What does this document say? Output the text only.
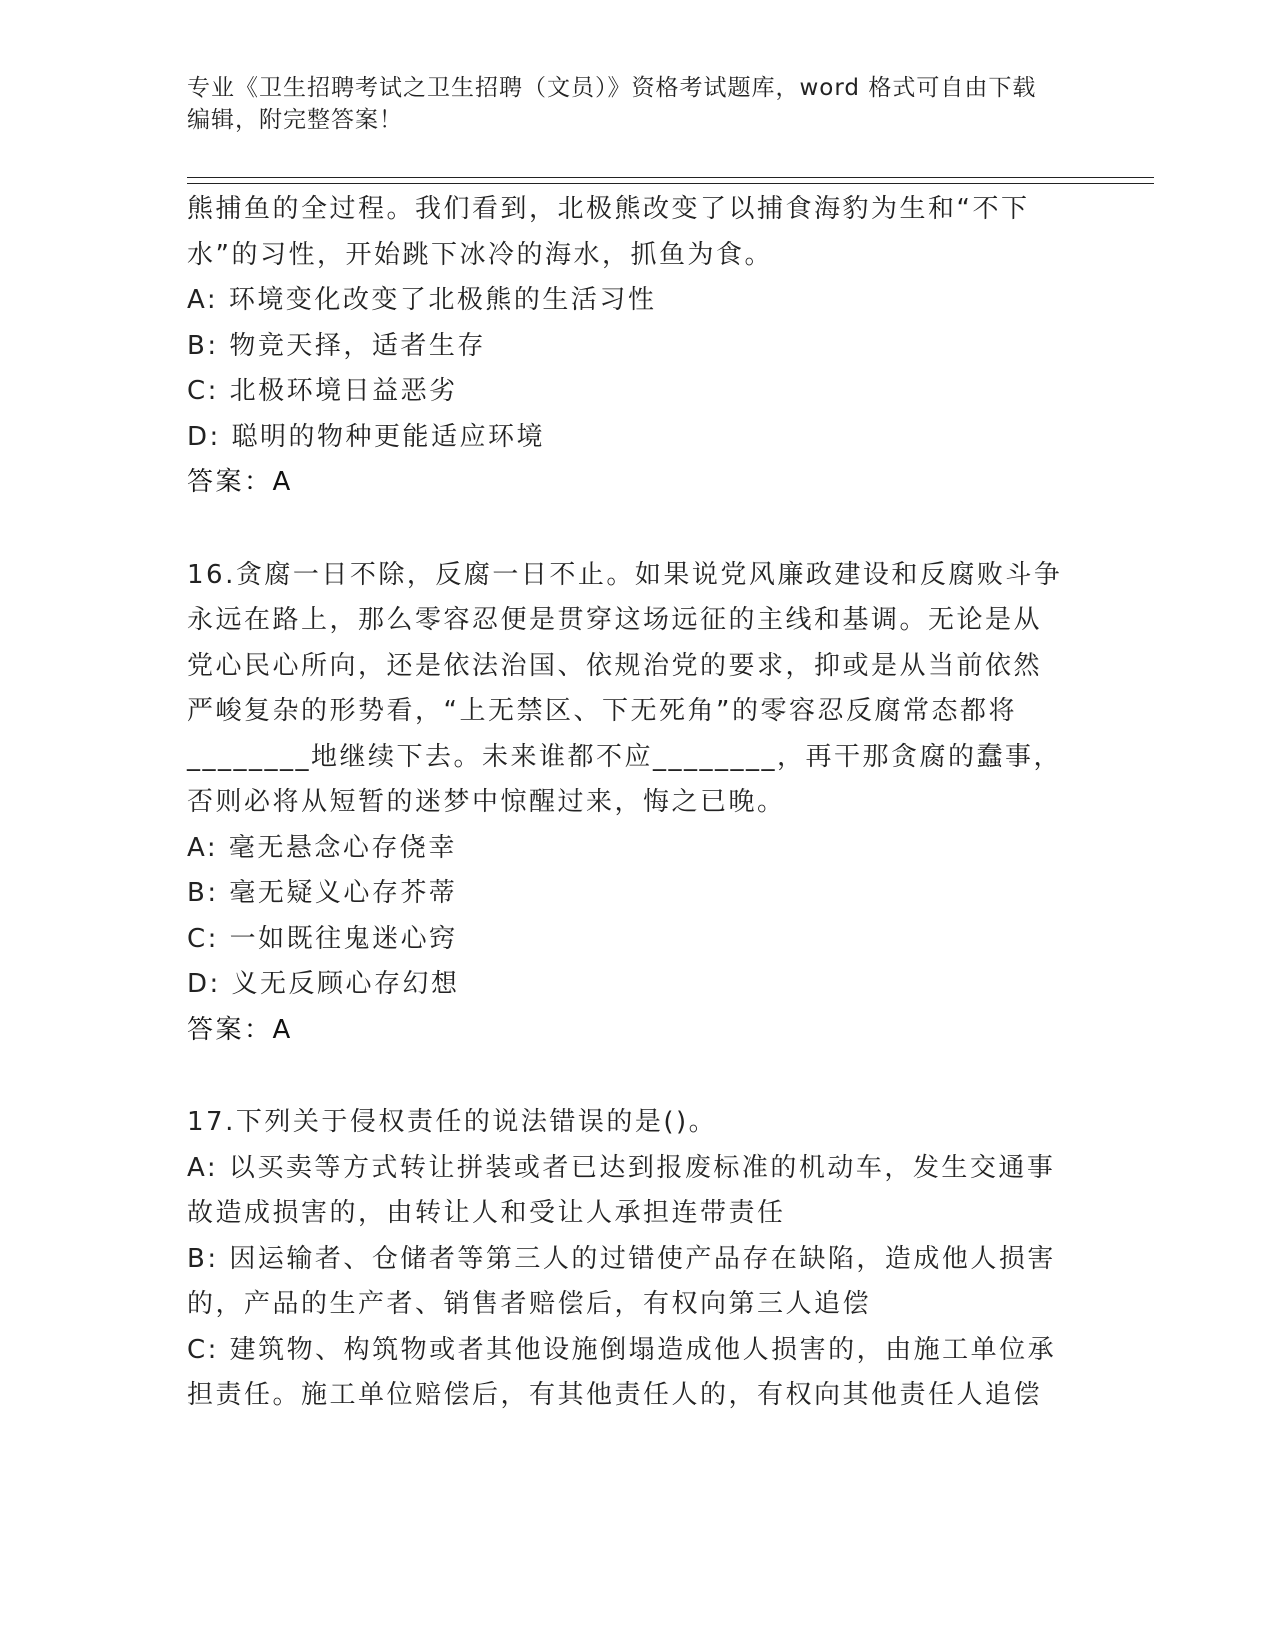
专业《卫生招聘考试之卫生招聘（文员）》资格考试题库，word 格式可自由下载
编辑，附完整答案！
熊捕鱼的全过程。我们看到，北极熊改变了以捕食海豹为生和“不下
水”的习性，开始跳下冰冷的海水，抓鱼为食。
A: 环境变化改变了北极熊的生活习性
B: 物竞天择，适者生存
C: 北极环境日益恶劣
D: 聪明的物种更能适应环境
答案：A
16.贪腐一日不除，反腐一日不止。如果说党风廉政建设和反腐败斗争
永远在路上，那么零容忍便是贯穿这场远征的主线和基调。无论是从
党心民心所向，还是依法治国、依规治党的要求，抑或是从当前依然
严峻复杂的形势看，“上无禁区、下无死角”的零容忍反腐常态都将
________地继续下去。未来谁都不应________，再干那贪腐的蠢事，
否则必将从短暂的迷梦中惊醒过来，悔之已晚。
A: 毫无悬念心存侥幸
B: 毫无疑义心存芥蒂
C: 一如既往鬼迷心窍
D: 义无反顾心存幻想
答案：A
17.下列关于侵权责任的说法错误的是()。
A: 以买卖等方式转让拼装或者已达到报废标准的机动车，发生交通事
故造成损害的，由转让人和受让人承担连带责任
B: 因运输者、仓储者等第三人的过错使产品存在缺陷，造成他人损害
的，产品的生产者、销售者赔偿后，有权向第三人追偿
C: 建筑物、构筑物或者其他设施倒塌造成他人损害的，由施工单位承
担责任。施工单位赔偿后，有其他责任人的，有权向其他责任人追偿
